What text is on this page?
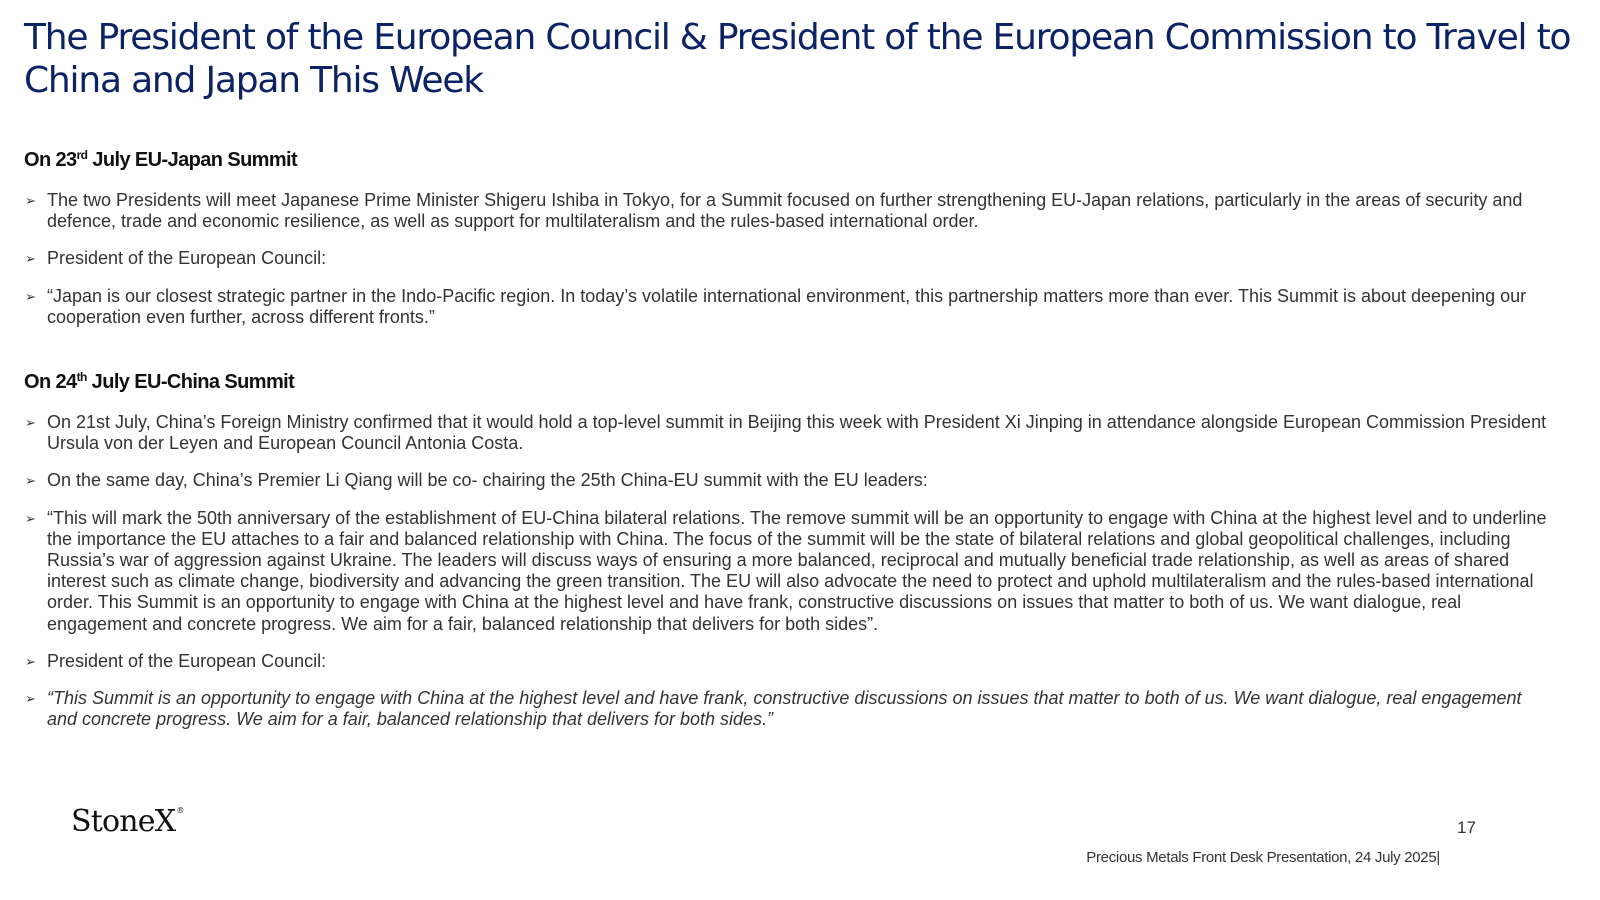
The President of the European Council & President of the European Commission to Travel to China and Japan This Week
On 23rd July EU-Japan Summit
➢ The two Presidents will meet Japanese Prime Minister Shigeru Ishiba in Tokyo, for a Summit focused on further strengthening EU-Japan relations, particularly in the areas of security and defence, trade and economic resilience, as well as support for multilateralism and the rules-based international order.
➢ President of the European Council:
➢ “Japan is our closest strategic partner in the Indo-Pacific region. In today’s volatile international environment, this partnership matters more than ever. This Summit is about deepening our cooperation even further, across different fronts.”
On 24th July EU-China Summit
➢ On 21st July, China’s Foreign Ministry confirmed that it would hold a top-level summit in Beijing this week with President Xi Jinping in attendance alongside European Commission President Ursula von der Leyen and European Council Antonia Costa.
➢ On the same day, China’s Premier Li Qiang will be co- chairing the 25th China-EU summit with the EU leaders:
➢ “This will mark the 50th anniversary of the establishment of EU-China bilateral relations. The remove summit will be an opportunity to engage with China at the highest level and to underline the importance the EU attaches to a fair and balanced relationship with China. The focus of the summit will be the state of bilateral relations and global geopolitical challenges, including Russia’s war of aggression against Ukraine. The leaders will discuss ways of ensuring a more balanced, reciprocal and mutually beneficial trade relationship, as well as areas of shared interest such as climate change, biodiversity and advancing the green transition. The EU will also advocate the need to protect and uphold multilateralism and the rules-based international order. This Summit is an opportunity to engage with China at the highest level and have frank, constructive discussions on issues that matter to both of us. We want dialogue, real engagement and concrete progress. We aim for a fair, balanced relationship that delivers for both sides”.
➢ President of the European Council:
➢ “This Summit is an opportunity to engage with China at the highest level and have frank, constructive discussions on issues that matter to both of us. We want dialogue, real engagement and concrete progress. We aim for a fair, balanced relationship that delivers for both sides.”
StoneX®
17
Precious Metals Front Desk Presentation, 24 July 2025|
